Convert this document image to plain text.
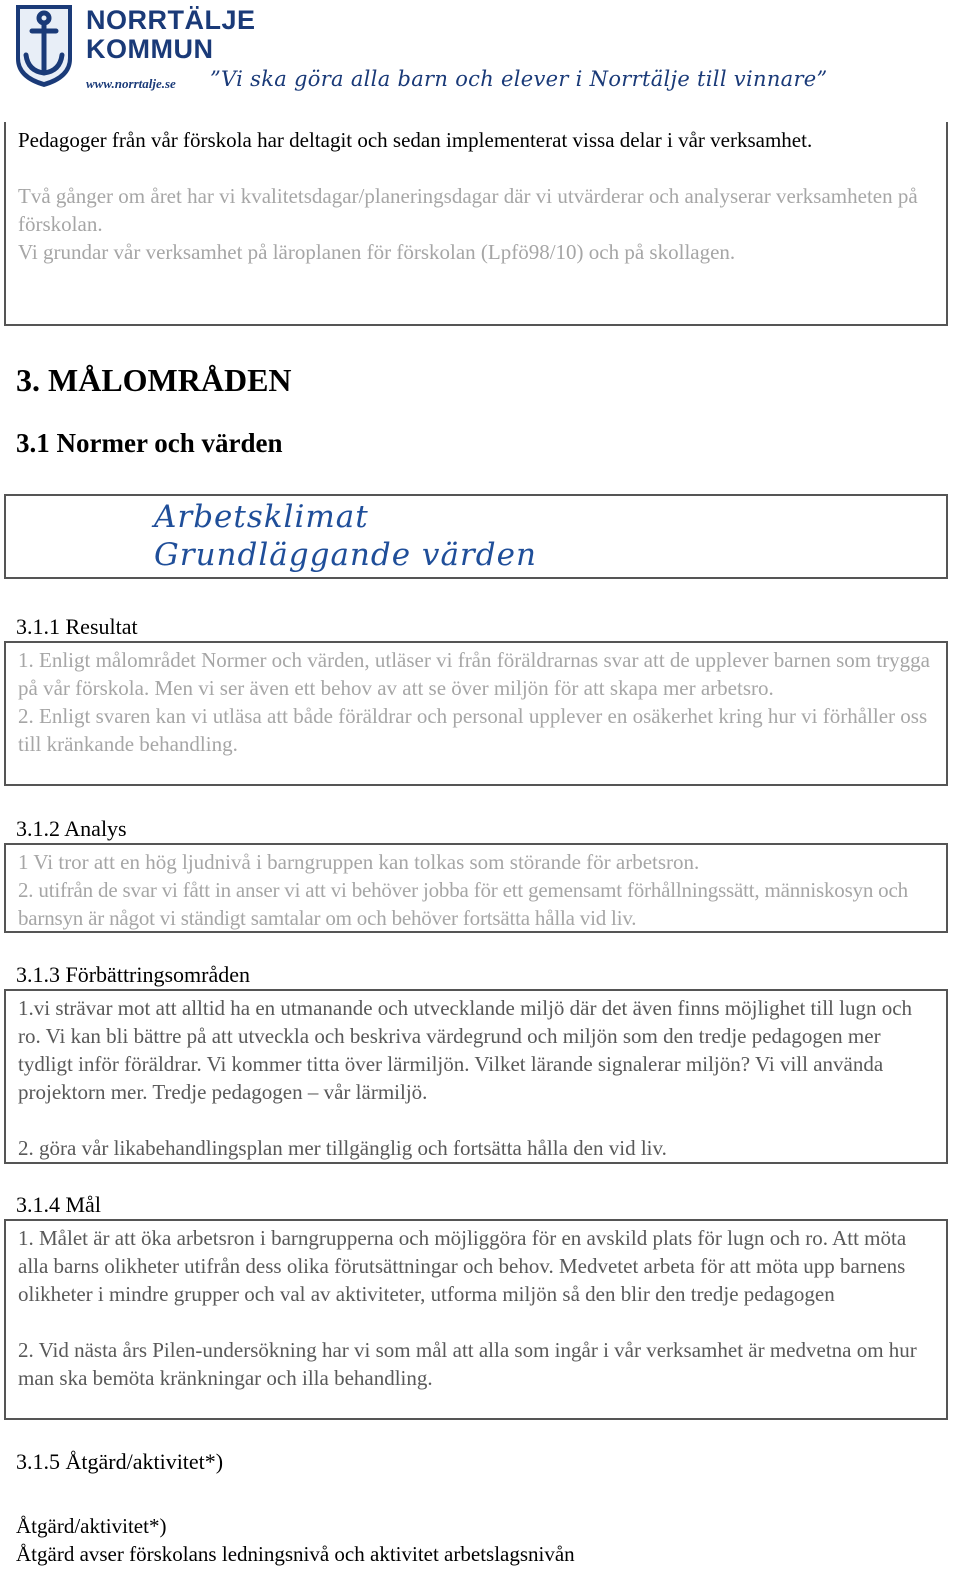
NORRTÄLJE
KOMMUN
www.norrtalje.se ”Vi ska göra alla barn och elever i Norrtälje till vinnare”

Pedagoger från vår förskola har deltagit och sedan implementerat vissa delar i vår verksamhet.

Två gånger om året har vi kvalitetsdagar/planeringsdagar där vi utvärderar och analyserar verksamheten på förskolan.

Vi grundar vår verksamhet på läroplanen för förskolan (Lpfö98/10) och på skollagen.

3. MÅLOMRÅDEN
3.1 Normer och värden
Arbetsklimat
Grundläggande värden
3.1.1 Resultat

1. Enligt målområdet Normer och värden, utläser vi från föräldrarnas svar att de upplever barnen som trygga på vår förskola. Men vi ser även ett behov av att se över miljön för att skapa mer arbetsro.

2. Enligt svaren kan vi utläsa att både föräldrar och personal upplever en osäkerhet kring hur vi förhåller oss till kränkande behandling.

3.1.2 Analys

1 Vi tror att en hög ljudnivå i barngruppen kan tolkas som störande för arbetsron.

2. utifrån de svar vi fått in anser vi att vi behöver jobba för ett gemensamt förhållningssätt, människosyn och barnsyn är något vi ständigt samtalar om och behöver fortsätta hålla vid liv.

3.1.3 Förbättringsområden

1.vi strävar mot att alltid ha en utmanande och utvecklande miljö där det även finns möjlighet till lugn och ro. Vi kan bli bättre på att utveckla och beskriva värdegrund och miljön som den tredje pedagogen mer tydligt inför föräldrar. Vi kommer titta över lärmiljön. Vilket lärande signalerar miljön? Vi vill använda projektorn mer. Tredje pedagogen – vår lärmiljö.

2. göra vår likabehandlingsplan mer tillgänglig och fortsätta hålla den vid liv.

3.1.4 Mål

1. Målet är att öka arbetsron i barngrupperna och möjliggöra för en avskild plats för lugn och ro. Att möta alla barns olikheter utifrån dess olika förutsättningar och behov. Medvetet arbeta för att möta upp barnens olikheter i mindre grupper och val av aktiviteter, utforma miljön så den blir den tredje pedagogen

2. Vid nästa års Pilen-undersökning har vi som mål att alla som ingår i vår verksamhet är medvetna om hur man ska bemöta kränkningar och illa behandling.

3.1.5 Åtgärd/aktivitet*)
Åtgärd/aktivitet*)
Åtgärd avser förskolans ledningsnivå och aktivitet arbetslagsnivån
